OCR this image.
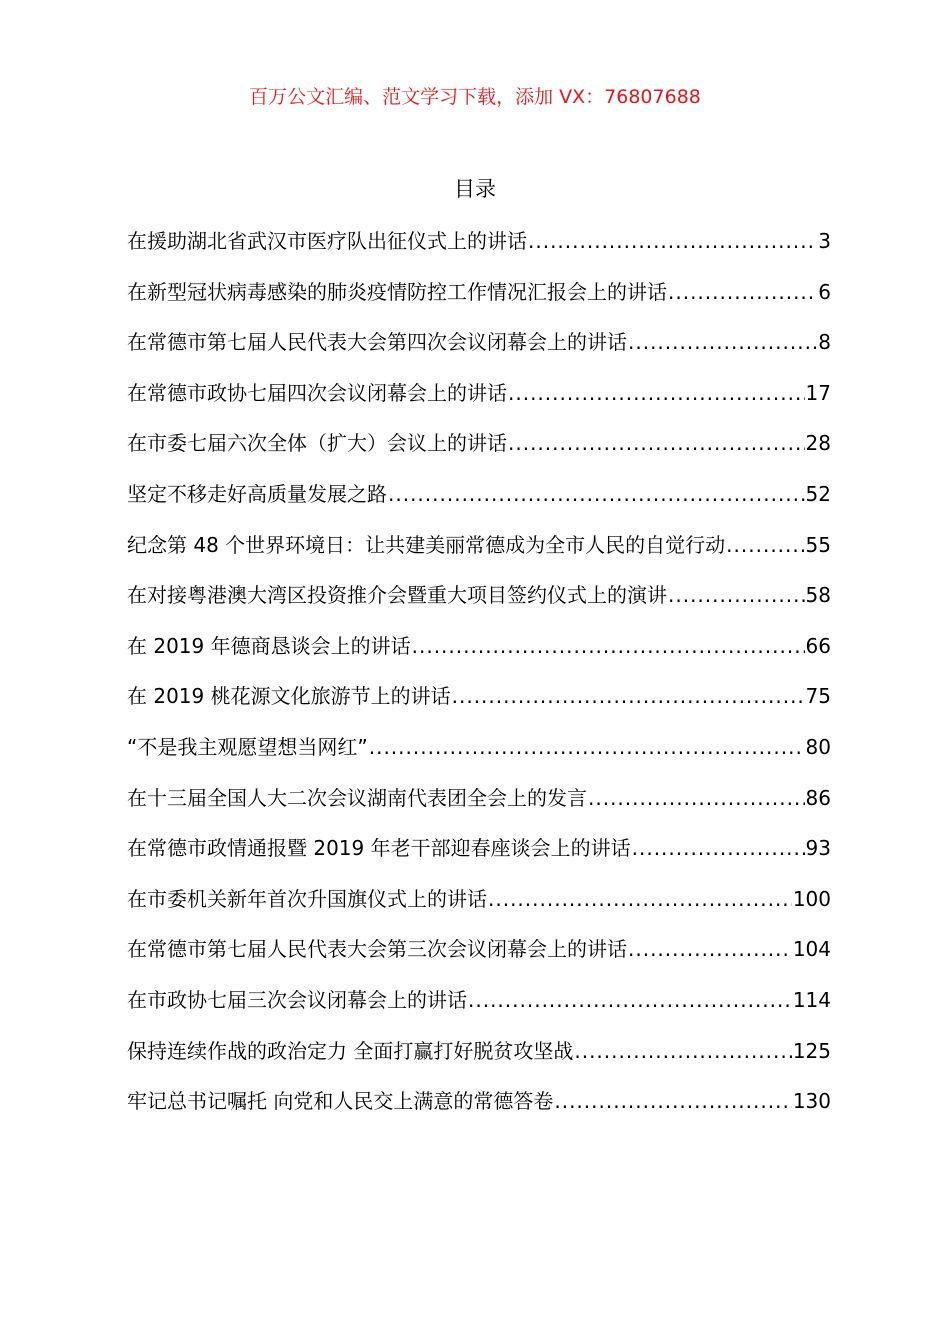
百万公文汇编、范文学习下载，添加 VX：76807688
目录
在援助湖北省武汉市医疗队出征仪式上的讲话 .....	3
在新型冠状病毒感染的肺炎疫情防控工作情况汇报会上的讲话 .....	6
在常德市第七届人民代表大会第四次会议闭幕会上的讲话 .....	8
在常德市政协七届四次会议闭幕会上的讲话 .....	17
在市委七届六次全体（扩大）会议上的讲话 .....	28
坚定不移走好高质量发展之路 .....	52
纪念第 48 个世界环境日：让共建美丽常德成为全市人民的自觉行动 .....	55
在对接粤港澳大湾区投资推介会暨重大项目签约仪式上的演讲 .....	58
在 2019 年德商恳谈会上的讲话 .....	66
在 2019 桃花源文化旅游节上的讲话 .....	75
“不是我主观愿望想当网红” .....	80
在十三届全国人大二次会议湖南代表团全会上的发言 .....	86
在常德市政情通报暨 2019 年老干部迎春座谈会上的讲话 .....	93
在市委机关新年首次升国旗仪式上的讲话 .....	100
在常德市第七届人民代表大会第三次会议闭幕会上的讲话 .....	104
在市政协七届三次会议闭幕会上的讲话 .....	114
保持连续作战的政治定力 全面打赢打好脱贫攻坚战 .....	125
牢记总书记嘱托 向党和人民交上满意的常德答卷 .....	130
